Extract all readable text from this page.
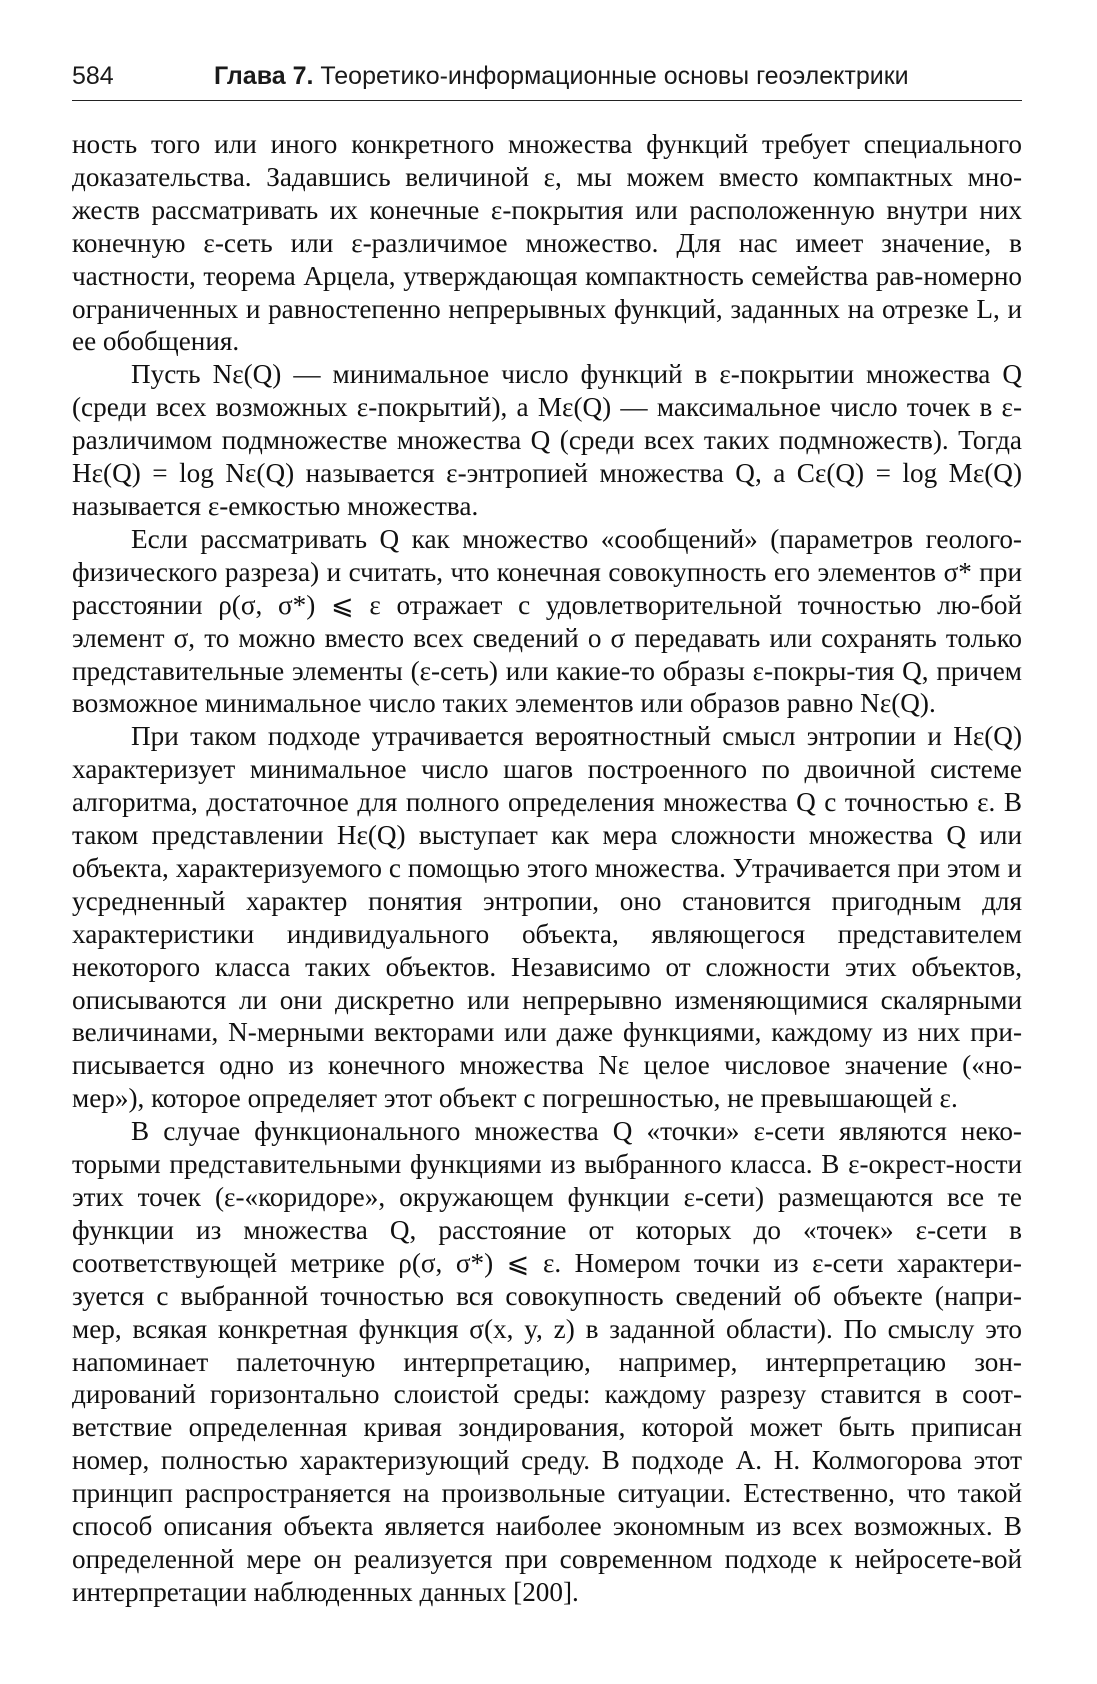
584	Глава 7. Теоретико-информационные основы геоэлектрики

ность того или иного конкретного множества функций требует специального доказательства. Задавшись величиной ε, мы можем вместо компактных мно-жеств рассматривать их конечные ε-покрытия или расположенную внутри них конечную ε-сеть или ε-различимое множество. Для нас имеет значение, в частности, теорема Арцела, утверждающая компактность семейства рав-номерно ограниченных и равностепенно непрерывных функций, заданных на отрезке L, и ее обобщения.

Пусть Nε(Q) — минимальное число функций в ε-покрытии множества Q (среди всех возможных ε-покрытий), а Mε(Q) — максимальное число точек в ε-различимом подмножестве множества Q (среди всех таких подмножеств). Тогда Hε(Q) = log Nε(Q) называется ε-энтропией множества Q, а Cε(Q) = log Mε(Q) называется ε-емкостью множества.

Если рассматривать Q как множество «сообщений» (параметров геолого-физического разреза) и считать, что конечная совокупность его элементов σ* при расстоянии ρ(σ, σ*) ⩽ ε отражает с удовлетворительной точностью лю-бой элемент σ, то можно вместо всех сведений о σ передавать или сохранять только представительные элементы (ε-сеть) или какие-то образы ε-покры-тия Q, причем возможное минимальное число таких элементов или образов равно Nε(Q).

При таком подходе утрачивается вероятностный смысл энтропии и Hε(Q) характеризует минимальное число шагов построенного по двоичной системе алгоритма, достаточное для полного определения множества Q с точностью ε. В таком представлении Hε(Q) выступает как мера сложности множества Q или объекта, характеризуемого с помощью этого множества. Утрачивается при этом и усредненный характер понятия энтропии, оно становится пригодным для характеристики индивидуального объекта, являющегося представителем некоторого класса таких объектов. Независимо от сложности этих объектов, описываются ли они дискретно или непрерывно изменяющимися скалярными величинами, N-мерными векторами или даже функциями, каждому из них при-писывается одно из конечного множества Nε целое числовое значение («но-мер»), которое определяет этот объект с погрешностью, не превышающей ε.

В случае функционального множества Q «точки» ε-сети являются неко-торыми представительными функциями из выбранного класса. В ε-окрест-ности этих точек (ε-«коридоре», окружающем функции ε-сети) размещаются все те функции из множества Q, расстояние от которых до «точек» ε-сети в соответствующей метрике ρ(σ, σ*) ⩽ ε. Номером точки из ε-сети характери-зуется с выбранной точностью вся совокупность сведений об объекте (напри-мер, всякая конкретная функция σ(x, y, z) в заданной области). По смыслу это напоминает палеточную интерпретацию, например, интерпретацию зон-дирований горизонтально слоистой среды: каждому разрезу ставится в соот-ветствие определенная кривая зондирования, которой может быть приписан номер, полностью характеризующий среду. В подходе А. Н. Колмогорова этот принцип распространяется на произвольные ситуации. Естественно, что такой способ описания объекта является наиболее экономным из всех возможных. В определенной мере он реализуется при современном подходе к нейросете-вой интерпретации наблюденных данных [200].
